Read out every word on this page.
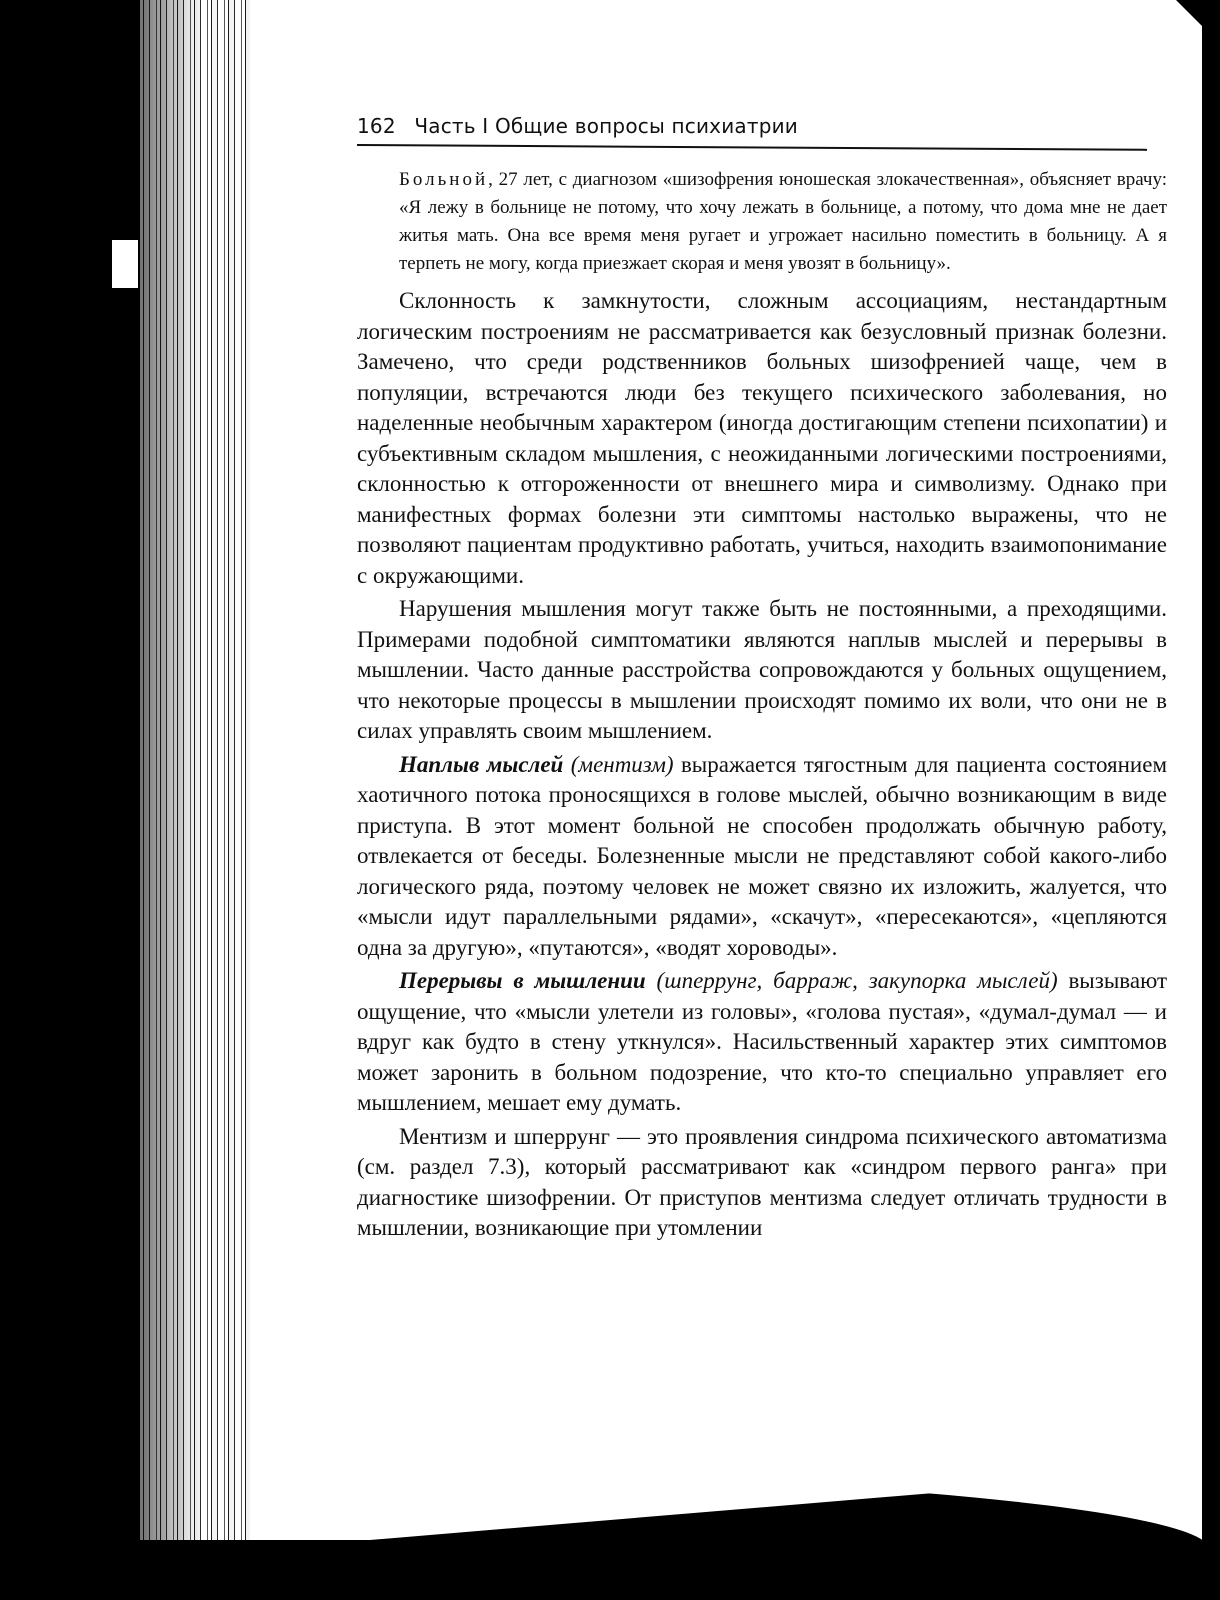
162 Часть I Общие вопросы психиатрии

Больной, 27 лет, с диагнозом «шизофрения юношеская злокачественная», объясняет врачу: «Я лежу в больнице не потому, что хочу лежать в больнице, а потому, что дома мне не дает житья мать. Она все время меня ругает и угрожает насильно поместить в больницу. А я терпеть не могу, когда приезжает скорая и меня увозят в больницу».

Склонность к замкнутости, сложным ассоциациям, нестандартным логическим построениям не рассматривается как безусловный признак болезни. Замечено, что среди родственников больных шизофренией чаще, чем в популяции, встречаются люди без текущего психического заболевания, но наделенные необычным характером (иногда достигающим степени психопатии) и субъективным складом мышления, с неожиданными логическими построениями, склонностью к отгороженности от внешнего мира и символизму. Однако при манифестных формах болезни эти симптомы настолько выражены, что не позволяют пациентам продуктивно работать, учиться, находить взаимопонимание с окружающими.

Нарушения мышления могут также быть не постоянными, а преходящими. Примерами подобной симптоматики являются наплыв мыслей и перерывы в мышлении. Часто данные расстройства сопровождаются у больных ощущением, что некоторые процессы в мышлении происходят помимо их воли, что они не в силах управлять своим мышлением.

Наплыв мыслей (ментизм) выражается тягостным для пациента состоянием хаотичного потока проносящихся в голове мыслей, обычно возникающим в виде приступа. В этот момент больной не способен продолжать обычную работу, отвлекается от беседы. Болезненные мысли не представляют собой какого-либо логического ряда, поэтому человек не может связно их изложить, жалуется, что «мысли идут параллельными рядами», «скачут», «пересекаются», «цепляются одна за другую», «путаются», «водят хороводы».

Перерывы в мышлении (шперрунг, барраж, закупорка мыслей) вызывают ощущение, что «мысли улетели из головы», «голова пустая», «думал-думал — и вдруг как будто в стену уткнулся». Насильственный характер этих симптомов может заронить в больном подозрение, что кто-то специально управляет его мышлением, мешает ему думать.

Ментизм и шперрунг — это проявления синдрома психического автоматизма (см. раздел 7.3), который рассматривают как «синдром первого ранга» при диагностике шизофрении. От приступов ментизма следует отличать трудности в мышлении, возникающие при утомлении
